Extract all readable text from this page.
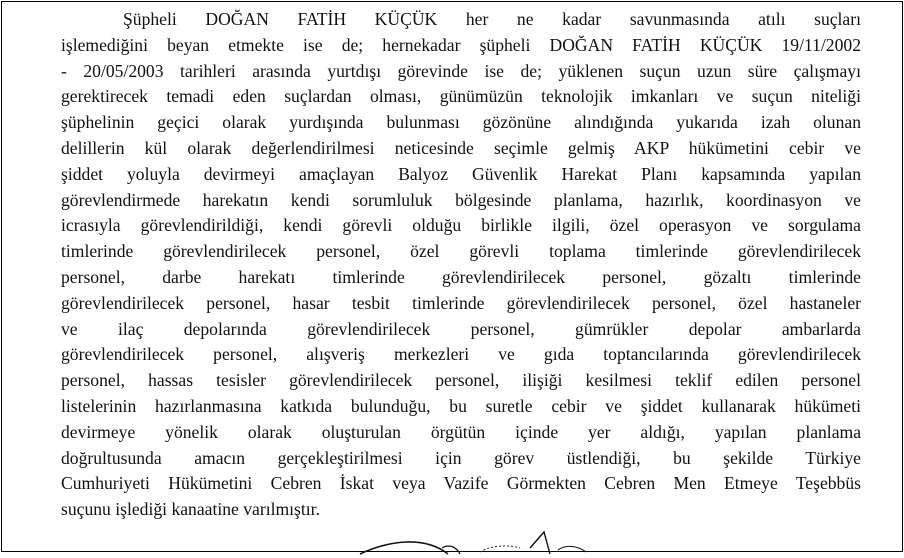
Şüpheli DOĞAN FATİH KÜÇÜK her ne kadar savunmasında atılı suçları
işlemediğini beyan etmekte ise de; hernekadar şüpheli DOĞAN FATİH KÜÇÜK 19/11/2002
- 20/05/2003 tarihleri arasında yurtdışı görevinde ise de; yüklenen suçun uzun süre çalışmayı
gerektirecek temadi eden suçlardan olması, günümüzün teknolojik imkanları ve suçun niteliği
şüphelinin geçici olarak yurdışında bulunması gözönüne alındığında yukarıda izah olunan
delillerin kül olarak değerlendirilmesi neticesinde seçimle gelmiş AKP hükümetini cebir ve
şiddet yoluyla devirmeyi amaçlayan Balyoz Güvenlik Harekat Planı kapsamında yapılan
görevlendirmede harekatın kendi sorumluluk bölgesinde planlama, hazırlık, koordinasyon ve
icrasıyla görevlendirildiği, kendi görevli olduğu birlikle ilgili, özel operasyon ve sorgulama
timlerinde görevlendirilecek personel, özel görevli toplama timlerinde görevlendirilecek
personel, darbe harekatı timlerinde görevlendirilecek personel, gözaltı timlerinde
görevlendirilecek personel, hasar tesbit timlerinde görevlendirilecek personel, özel hastaneler
ve ilaç depolarında görevlendirilecek personel, gümrükler depolar ambarlarda
görevlendirilecek personel, alışveriş merkezleri ve gıda toptancılarında görevlendirilecek
personel, hassas tesisler görevlendirilecek personel, ilişiği kesilmesi teklif edilen personel
listelerinin hazırlanmasına katkıda bulunduğu, bu suretle cebir ve şiddet kullanarak hükümeti
devirmeye yönelik olarak oluşturulan örgütün içinde yer aldığı, yapılan planlama
doğrultusunda amacın gerçekleştirilmesi için görev üstlendiği, bu şekilde Türkiye
Cumhuriyeti Hükümetini Cebren İskat veya Vazife Görmekten Cebren Men Etmeye Teşebbüs
suçunu işlediği kanaatine varılmıştır.
